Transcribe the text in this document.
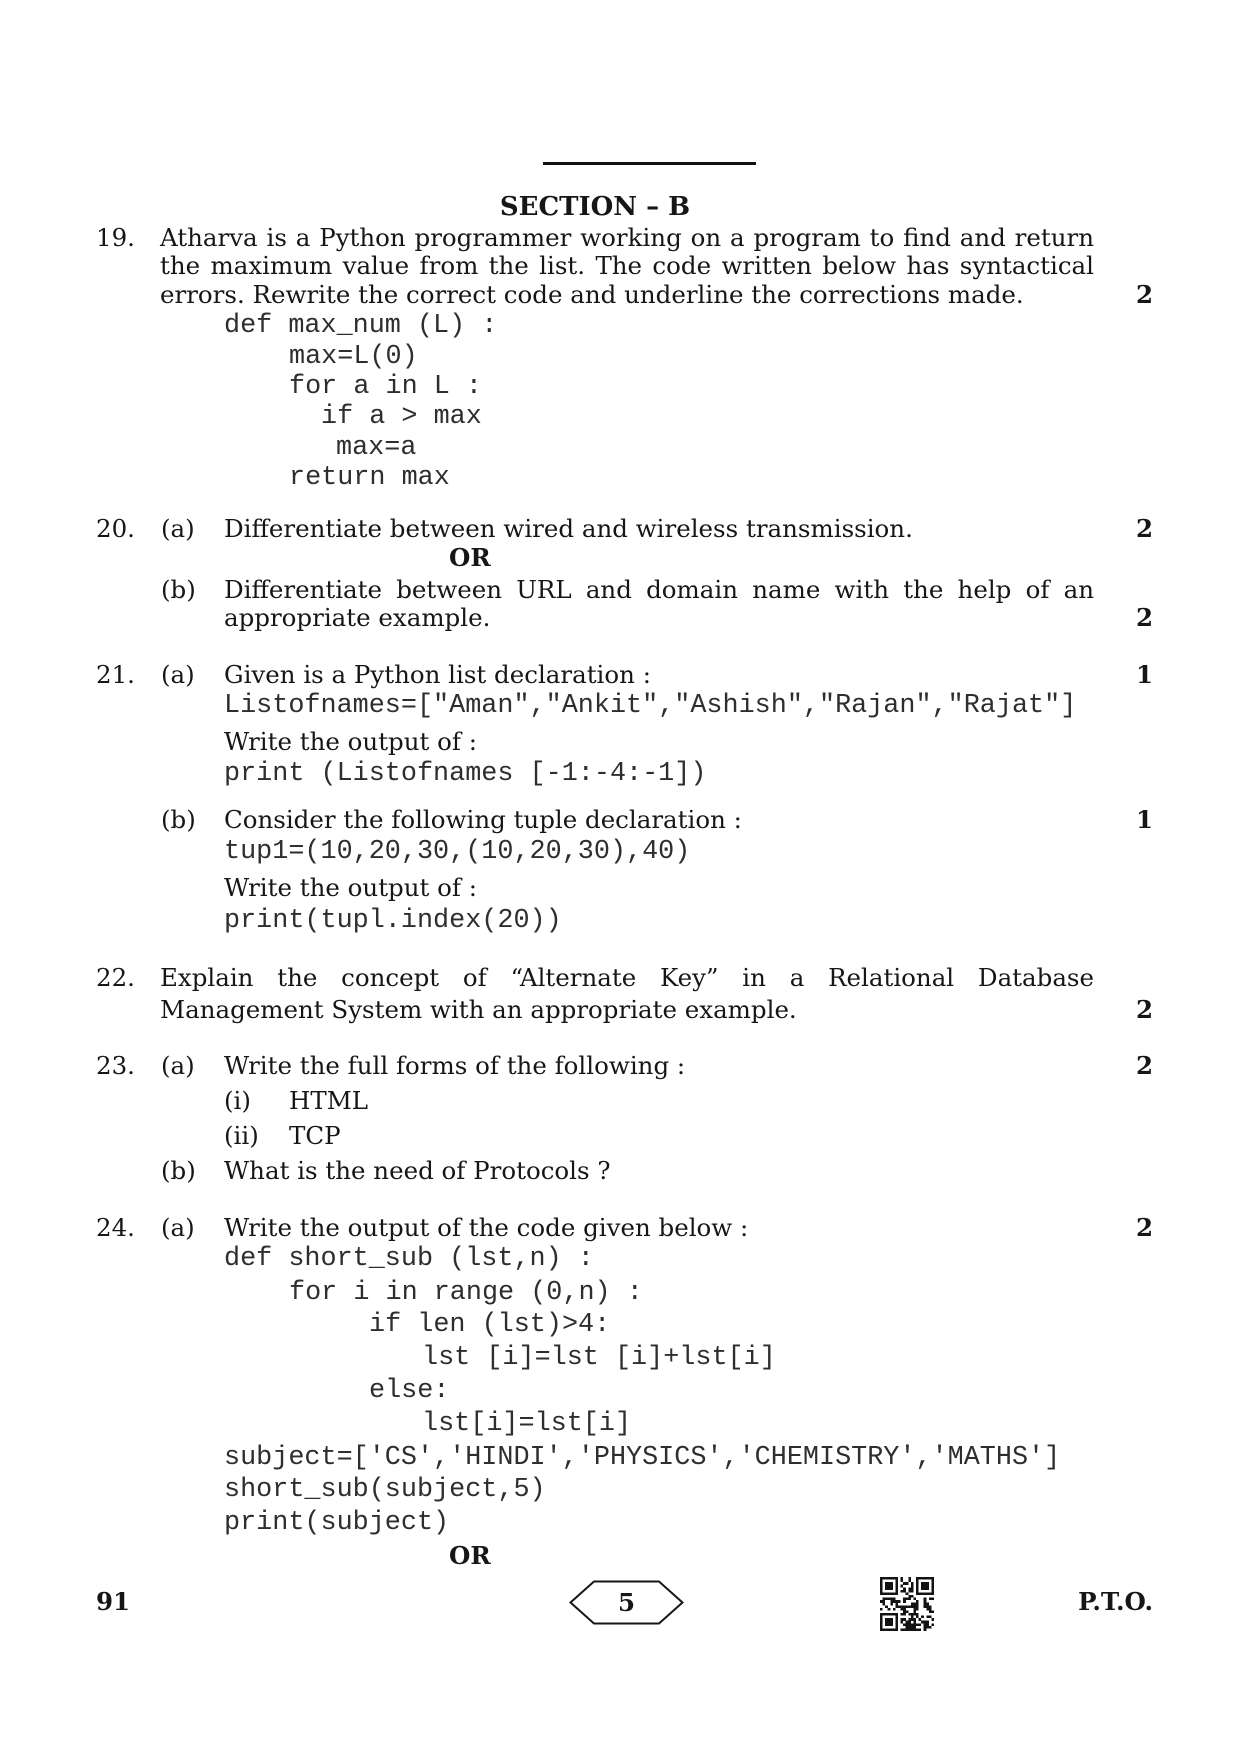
SECTION – B
19. Atharva is a Python programmer working on a program to find and return
the maximum value from the list. The code written below has syntactical
errors. Rewrite the correct code and underline the corrections made.	2
def max_num (L) :
max=L(0)
for a in L :
if a > max
max=a
return max
20. (a) Differentiate between wired and wireless transmission.	2
OR
(b) Differentiate between URL and domain name with the help of an
appropriate example.	2
21. (a) Given is a Python list declaration :	1
Listofnames=["Aman","Ankit","Ashish","Rajan","Rajat"]
Write the output of :
print (Listofnames [-1:-4:-1])
(b) Consider the following tuple declaration :	1
tup1=(10,20,30,(10,20,30),40)
Write the output of :
print(tupl.index(20))
22. Explain the concept of “Alternate Key” in a Relational Database
Management System with an appropriate example.	2
23. (a) Write the full forms of the following :	2
(i) HTML
(ii) TCP
(b) What is the need of Protocols ?
24. (a) Write the output of the code given below :	2
def short_sub (lst,n) :
for i in range (0,n) :
if len (lst)>4:
lst [i]=lst [i]+lst[i]
else:
lst[i]=lst[i]
subject=['CS','HINDI','PHYSICS','CHEMISTRY','MATHS']
short_sub(subject,5)
print(subject)
OR
91	5	P.T.O.
